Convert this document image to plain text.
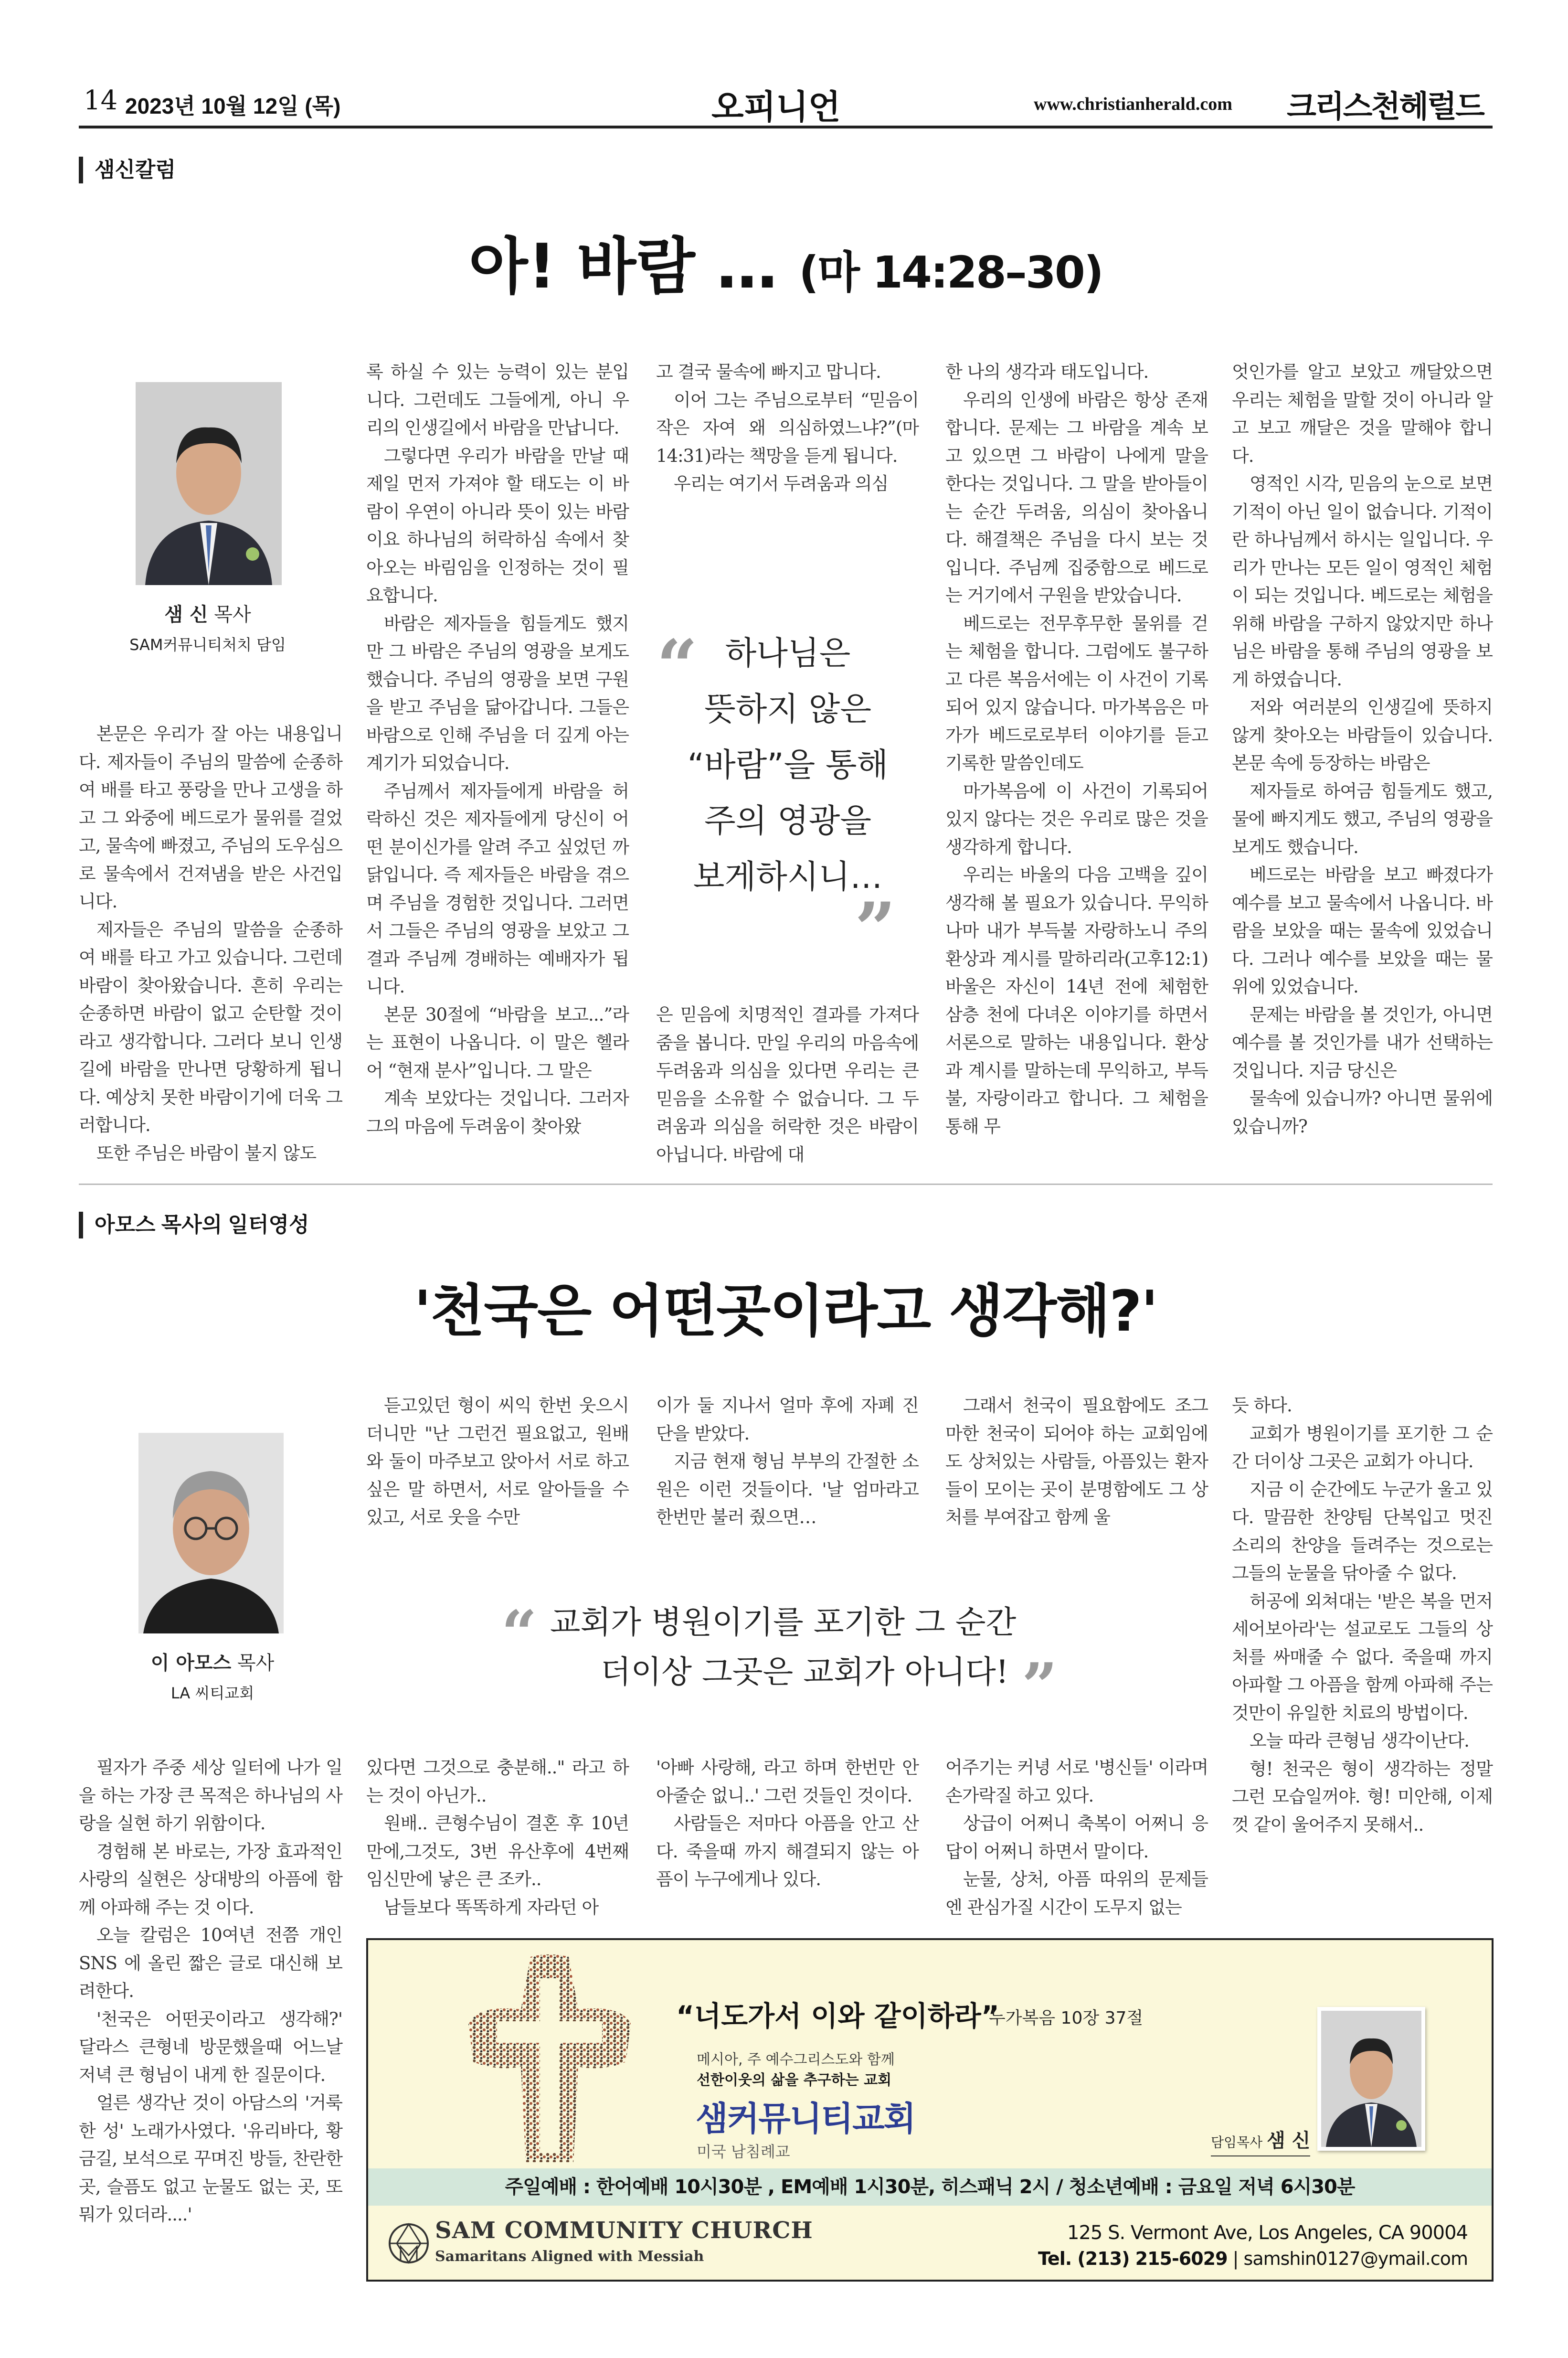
14 2023년 10월 12일 (목)	오피니언	www.christianherald.com 크리스천헤럴드
샘신칼럼
아! 바람 … (마 14:28–30)
샘 신 목사
SAM커뮤니티처치 담임

본문은 우리가 잘 아는 내용입니다. 제자들이 주님의 말씀에 순종하여 배를 타고 풍랑을 만나 고생을 하고 그 와중에 베드로가 물위를 걸었고, 물속에 빠졌고, 주님의 도우심으로 물속에서 건져냄을 받은 사건입니다.

제자들은 주님의 말씀을 순종하여 배를 타고 가고 있습니다. 그런데 바람이 찾아왔습니다. 흔히 우리는 순종하면 바람이 없고 순탄할 것이라고 생각합니다. 그러다 보니 인생길에 바람을 만나면 당황하게 됩니다. 예상치 못한 바람이기에 더욱 그러합니다.

또한 주님은 바람이 불지 않도

록 하실 수 있는 능력이 있는 분입니다. 그런데도 그들에게, 아니 우리의 인생길에서 바람을 만납니다.

그렇다면 우리가 바람을 만날 때 제일 먼저 가져야 할 태도는 이 바람이 우연이 아니라 뜻이 있는 바람이요 하나님의 허락하심 속에서 찾아오는 바림임을 인정하는 것이 필요합니다.

바람은 제자들을 힘들게도 했지만 그 바람은 주님의 영광을 보게도 했습니다. 주님의 영광을 보면 구원을 받고 주님을 닮아갑니다. 그들은 바람으로 인해 주님을 더 깊게 아는 계기가 되었습니다.

주님께서 제자들에게 바람을 허락하신 것은 제자들에게 당신이 어떤 분이신가를 알려 주고 싶었던 까닭입니다. 즉 제자들은 바람을 겪으며 주님을 경험한 것입니다. 그러면서 그들은 주님의 영광을 보았고 그 결과 주님께 경배하는 예배자가 됩니다.

본문 30절에 “바람을 보고...”라는 표현이 나옵니다. 이 말은 헬라어 “현재 분사”입니다. 그 말은

계속 보았다는 것입니다. 그러자 그의 마음에 두려움이 찾아왔

고 결국 물속에 빠지고 맙니다.

이어 그는 주님으로부터 “믿음이 작은 자여 왜 의심하였느냐?”(마14:31)라는 책망을 듣게 됩니다.

우리는 여기서 두려움과 의심

은 믿음에 치명적인 결과를 가져다줌을 봅니다. 만일 우리의 마음속에 두려움과 의심을 있다면 우리는 큰 믿음을 소유할 수 없습니다. 그 두려움과 의심을 허락한 것은 바람이 아닙니다. 바람에 대

한 나의 생각과 태도입니다.

우리의 인생에 바람은 항상 존재합니다. 문제는 그 바람을 계속 보고 있으면 그 바람이 나에게 말을 한다는 것입니다. 그 말을 받아들이는 순간 두려움, 의심이 찾아옵니다. 해결책은 주님을 다시 보는 것입니다. 주님께 집중함으로 베드로는 거기에서 구원을 받았습니다.

베드로는 전무후무한 물위를 걷는 체험을 합니다. 그럼에도 불구하고 다른 복음서에는 이 사건이 기록되어 있지 않습니다. 마가복음은 마가가 베드로로부터 이야기를 듣고 기록한 말씀인데도

마가복음에 이 사건이 기록되어 있지 않다는 것은 우리로 많은 것을 생각하게 합니다.

우리는 바울의 다음 고백을 깊이 생각해 볼 필요가 있습니다. 무익하나마 내가 부득불 자랑하노니 주의 환상과 계시를 말하리라(고후12:1) 바울은 자신이 14년 전에 체험한 삼층 천에 다녀온 이야기를 하면서 서론으로 말하는 내용입니다. 환상과 계시를 말하는데 무익하고, 부득불, 자랑이라고 합니다. 그 체험을 통해 무

엇인가를 알고 보았고 깨달았으면 우리는 체험을 말할 것이 아니라 알고 보고 깨달은 것을 말해야 합니다.

영적인 시각, 믿음의 눈으로 보면 기적이 아닌 일이 없습니다. 기적이란 하나님께서 하시는 일입니다. 우리가 만나는 모든 일이 영적인 체험이 되는 것입니다. 베드로는 체험을 위해 바람을 구하지 않았지만 하나님은 바람을 통해 주님의 영광을 보게 하였습니다.

저와 여러분의 인생길에 뜻하지 않게 찾아오는 바람들이 있습니다. 본문 속에 등장하는 바람은

제자들로 하여금 힘들게도 했고, 물에 빠지게도 했고, 주님의 영광을 보게도 했습니다.

베드로는 바람을 보고 빠졌다가 예수를 보고 물속에서 나옵니다. 바람을 보았을 때는 물속에 있었습니다. 그러나 예수를 보았을 때는 물위에 있었습니다.

문제는 바람을 볼 것인가, 아니면 예수를 볼 것인가를 내가 선택하는 것입니다. 지금 당신은

물속에 있습니까? 아니면 물위에 있습니까?

“ 하나님은
뜻하지 않은
“바람”을 통해
주의 영광을
보게하시니…
”
아모스 목사의 일터영성
'천국은 어떤곳이라고 생각해?'
이 아모스 목사
LA 씨티교회

듣고있던 형이 씨익 한번 웃으시더니만 "난 그런건 필요없고, 원배와 둘이 마주보고 앉아서 서로 하고 싶은 말 하면서, 서로 알아들을 수 있고, 서로 웃을 수만

이가 둘 지나서 얼마 후에 자폐 진단을 받았다.

지금 현재 형님 부부의 간절한 소원은 이런 것들이다. '날 엄마라고 한번만 불러 줬으면…

그래서 천국이 필요함에도 조그마한 천국이 되어야 하는 교회임에도 상처있는 사람들, 아픔있는 환자들이 모이는 곳이 분명함에도 그 상처를 부여잡고 함께 울

듯 하다.

교회가 병원이기를 포기한 그 순간 더이상 그곳은 교회가 아니다.

지금 이 순간에도 누군가 울고 있다. 말끔한 찬양팀 단복입고 멋진 소리의 찬양을 들려주는 것으로는 그들의 눈물을 닦아줄 수 없다.

허공에 외쳐대는 '받은 복을 먼저 세어보아라'는 설교로도 그들의 상처를 싸매줄 수 없다. 죽을때 까지 아파할 그 아픔을 함께 아파해 주는 것만이 유일한 치료의 방법이다.

오늘 따라 큰형님 생각이난다.

형! 천국은 형이 생각하는 정말 그런 모습일꺼야. 형! 미안해, 이제껏 같이 울어주지 못해서..

“ 교회가 병원이기를 포기한 그 순간
더이상 그곳은 교회가 아니다! ”

필자가 주중 세상 일터에 나가 일을 하는 가장 큰 목적은 하나님의 사랑을 실현 하기 위함이다.

경험해 본 바로는, 가장 효과적인 사랑의 실현은 상대방의 아픔에 함께 아파해 주는 것 이다.

오늘 칼럼은 10여년 전쯤 개인 SNS 에 올린 짧은 글로 대신해 보려한다.

'천국은 어떤곳이라고 생각해?' 달라스 큰형네 방문했을때 어느날 저녁 큰 형님이 내게 한 질문이다.

얼른 생각난 것이 아담스의 '거룩한 성' 노래가사였다. '유리바다, 황금길, 보석으로 꾸며진 방들, 찬란한 곳, 슬픔도 없고 눈물도 없는 곳, 또 뭐가 있더라....'

있다면 그것으로 충분해.." 라고 하는 것이 아닌가..

원배.. 큰형수님이 결혼 후 10년 만에,그것도, 3번 유산후에 4번째 임신만에 낳은 큰 조카..

남들보다 똑똑하게 자라던 아

'아빠 사랑해, 라고 하며 한번만 안아줄순 없니..' 그런 것들인 것이다.

사람들은 저마다 아픔을 안고 산다. 죽을때 까지 해결되지 않는 아픔이 누구에게나 있다.

어주기는 커녕 서로 '병신들' 이라며 손가락질 하고 있다.

상급이 어쩌니 축복이 어쩌니 응답이 어쩌니 하면서 말이다.

눈물, 상처, 아픔 따위의 문제들엔 관심가질 시간이 도무지 없는

“너도가서 이와 같이하라”
누가복음 10장 37절
메시아, 주 예수그리스도와 함께
선한이웃의 삶을 추구하는 교회
샘커뮤니티교회
미국 남침례교
담임목사 샘 신
주일예배 : 한어예배 10시30분 , EM예배 1시30분, 히스패닉 2시 / 청소년예배 : 금요일 저녁 6시30분
SAM COMMUNITY CHURCH
Samaritans Aligned with Messiah
125 S. Vermont Ave, Los Angeles, CA 90004
Tel. (213) 215-6029 | samshin0127@ymail.com
